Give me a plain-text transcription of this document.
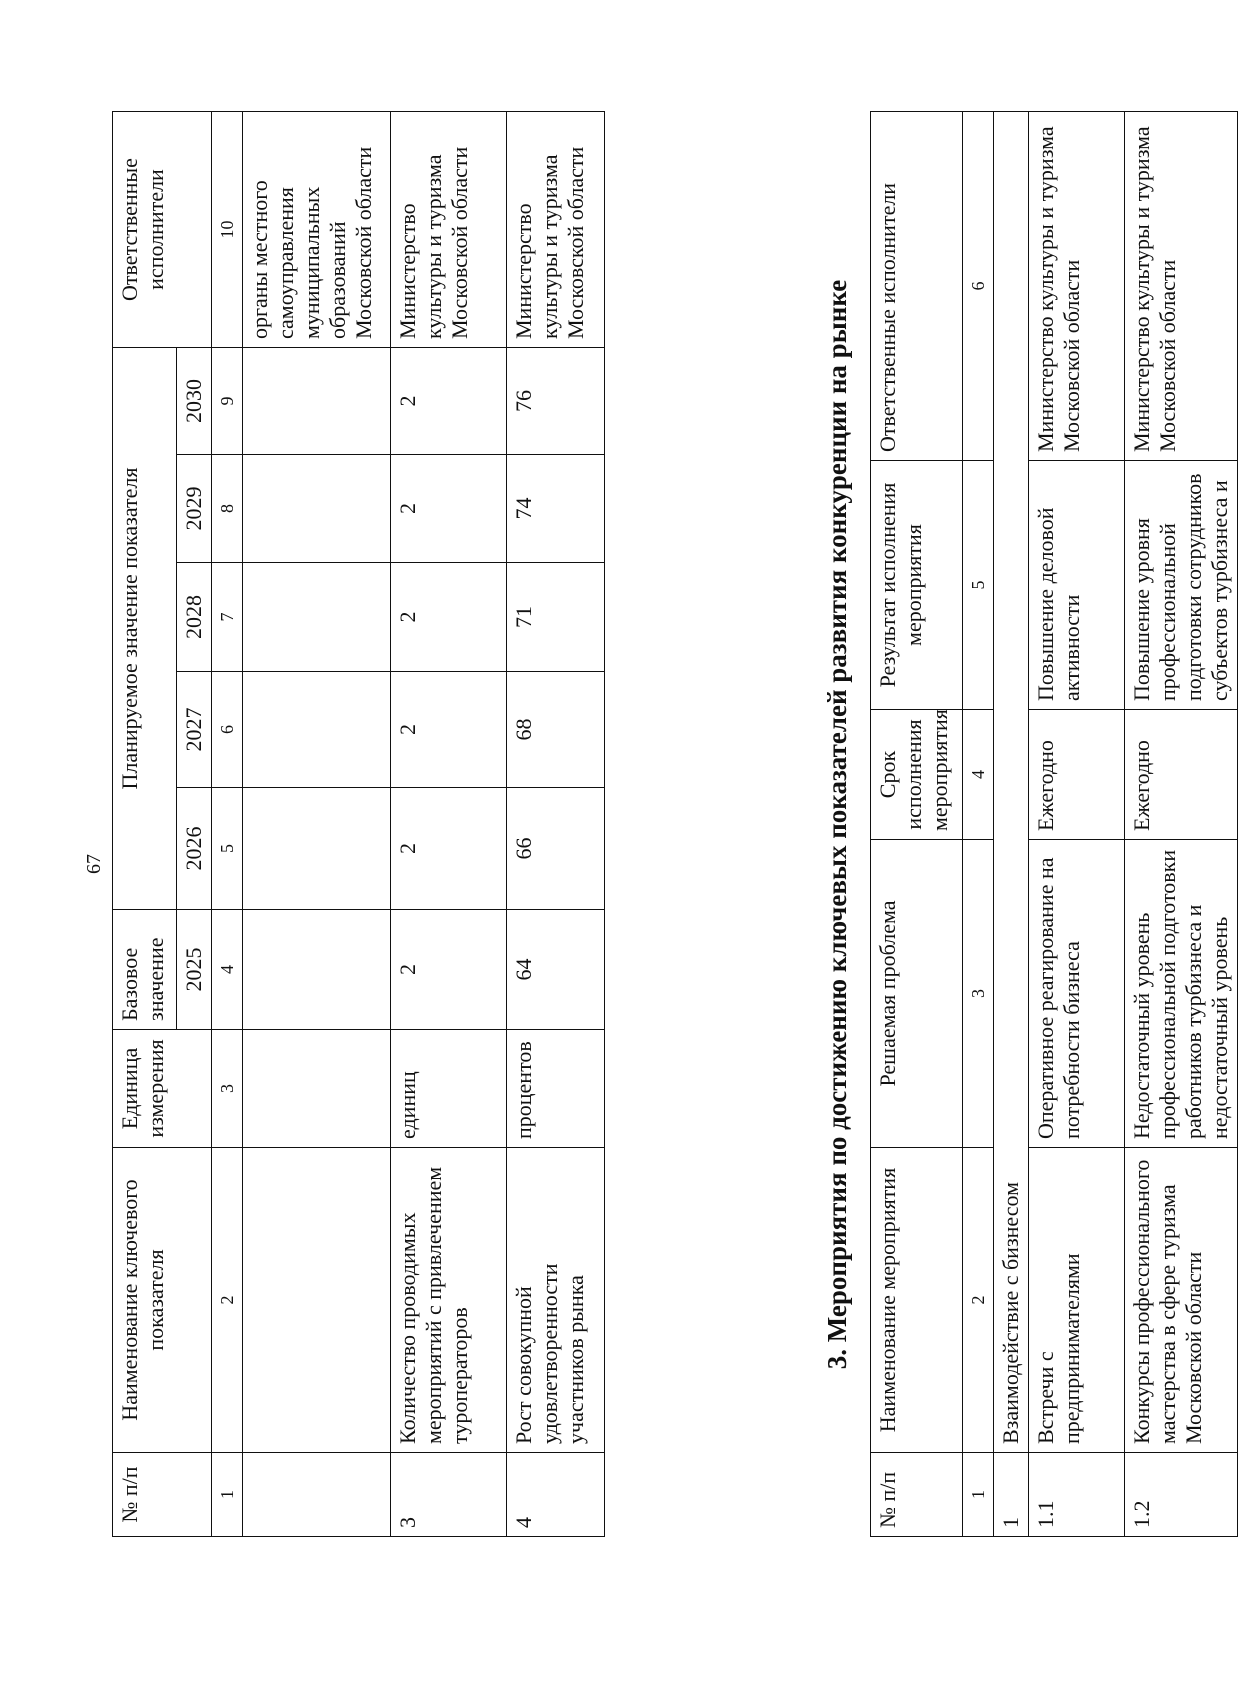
67
№ п/п	Наименование ключевого показателя	Единица измерения	Базовое значение	Планируемое значение показателя					Ответственные исполнители
			2025	2026	2027	2028	2029	2030	
1	2	3	4	5	6	7	8	9	10
									органы местного самоуправления муниципальных образований Московской области
3	Количество проводимых мероприятий с привлечением туроператоров	единиц	2	2	2	2	2	2	Министерство культуры и туризма Московской области
4	Рост совокупной удовлетворенности участников рынка	процентов	64	66	68	71	74	76	Министерство культуры и туризма Московской области
3. Мероприятия по достижению ключевых показателей развития конкуренции на рынке
№ п/п	Наименование мероприятия	Решаемая проблема	Срок исполнения мероприятия	Результат исполнения мероприятия	Ответственные исполнители
1	2	3	4	5	6
1	Взаимодействие с бизнесом				
1.1	Встречи с предпринимателями	Оперативное реагирование на потребности бизнеса	Ежегодно	Повышение деловой активности	Министерство культуры и туризма Московской области
1.2	Конкурсы профессионального мастерства в сфере туризма Московской области	Недостаточный уровень профессиональной подготовки работников турбизнеса и недостаточный уровень	Ежегодно	Повышение уровня профессиональной подготовки сотрудников субъектов турбизнеса и	Министерство культуры и туризма Московской области
